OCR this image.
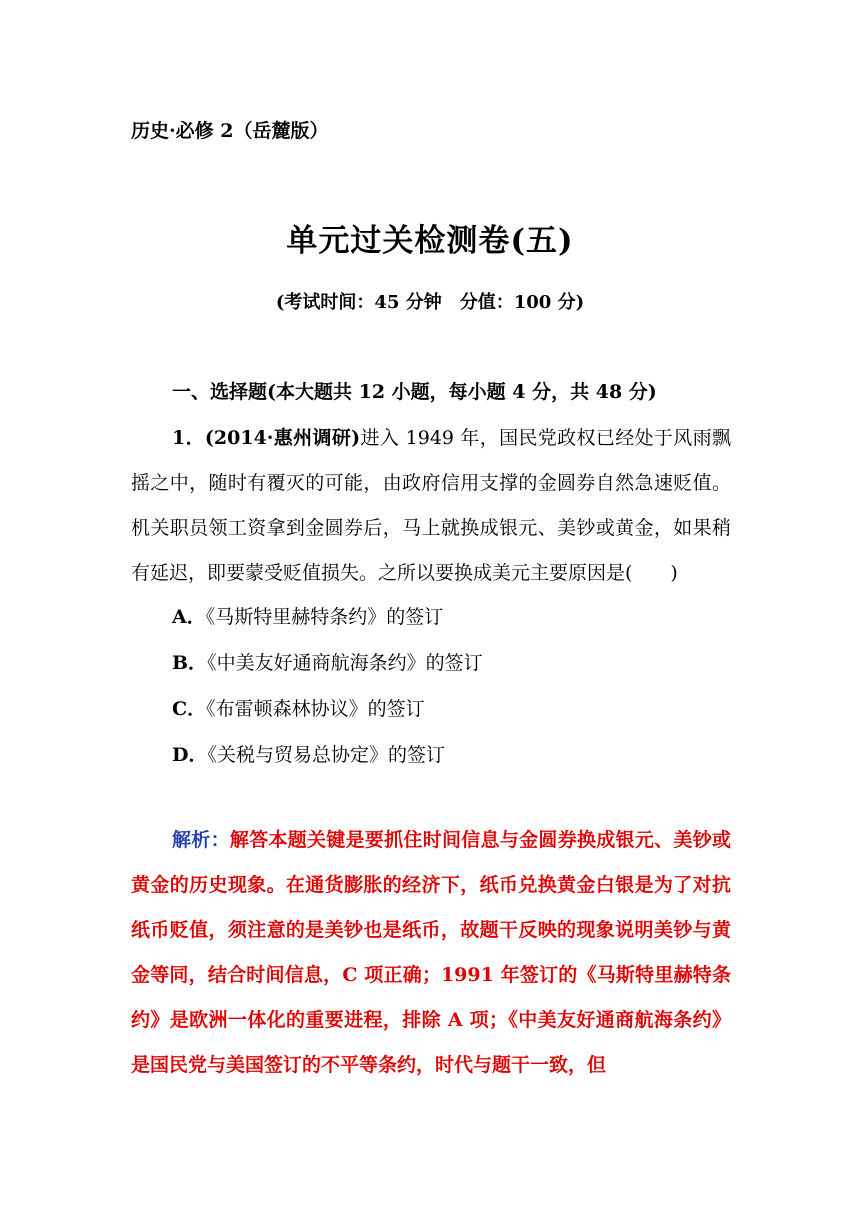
历史·必修 2（岳麓版）
单元过关检测卷(五)
(考试时间：45 分钟　分值：100 分)
一、选择题(本大题共 12 小题，每小题 4 分，共 48 分)
1．(2014·惠州调研)进入 1949 年，国民党政权已经处于风雨飘摇之中，随时有覆灭的可能，由政府信用支撑的金圆券自然急速贬值。机关职员领工资拿到金圆券后，马上就换成银元、美钞或黄金，如果稍有延迟，即要蒙受贬值损失。之所以要换成美元主要原因是(　　)
A．《马斯特里赫特条约》的签订
B．《中美友好通商航海条约》的签订
C．《布雷顿森林协议》的签订
D．《关税与贸易总协定》的签订
解析：解答本题关键是要抓住时间信息与金圆券换成银元、美钞或黄金的历史现象。在通货膨胀的经济下，纸币兑换黄金白银是为了对抗纸币贬值，须注意的是美钞也是纸币，故题干反映的现象说明美钞与黄金等同，结合时间信息，C 项正确；1991 年签订的《马斯特里赫特条约》是欧洲一体化的重要进程，排除 A 项；《中美友好通商航海条约》是国民党与美国签订的不平等条约，时代与题干一致，但
